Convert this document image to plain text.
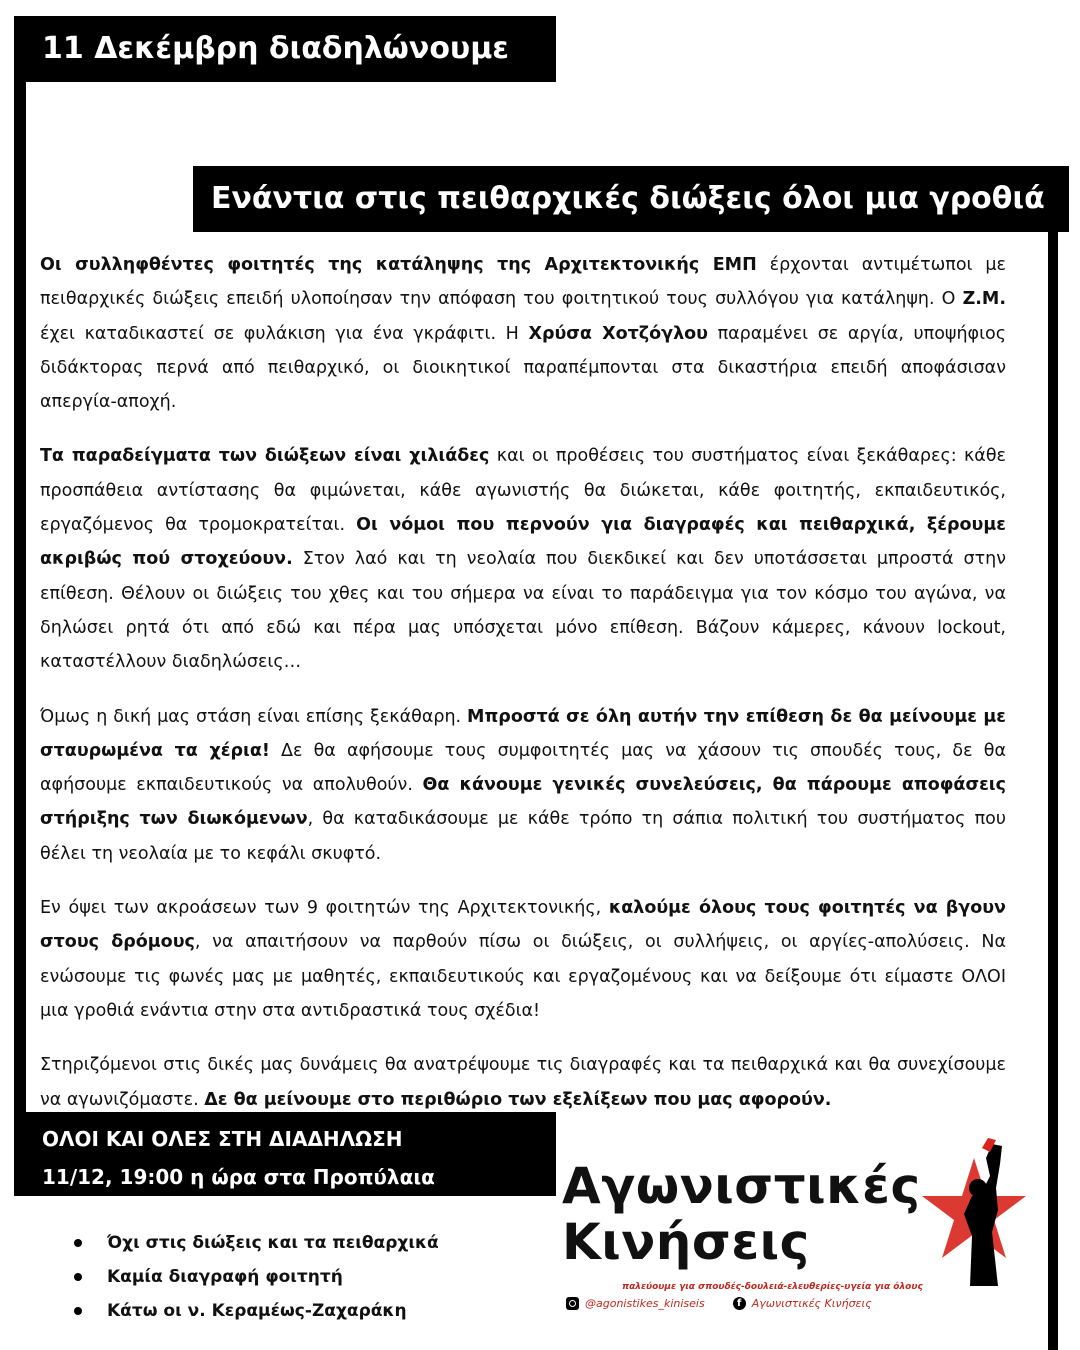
11 Δεκέμβρη διαδηλώνουμε
Ενάντια στις πειθαρχικές διώξεις όλοι μια γροθιά

Οι συλληφθέντες φοιτητές της κατάληψης της Αρχιτεκτονικής ΕΜΠ έρχονται αντιμέτωποι με πειθαρχικές διώξεις επειδή υλοποίησαν την απόφαση του φοιτητικού τους συλλόγου για κατάληψη. Ο Ζ.Μ. έχει καταδικαστεί σε φυλάκιση για ένα γκράφιτι. Η Χρύσα Χοτζόγλου παραμένει σε αργία, υποψήφιος διδάκτορας περνά από πειθαρχικό, οι διοικητικοί παραπέμπονται στα δικαστήρια επειδή αποφάσισαν απεργία-αποχή.

Τα παραδείγματα των διώξεων είναι χιλιάδες και οι προθέσεις του συστήματος είναι ξεκάθαρες: κάθε προσπάθεια αντίστασης θα φιμώνεται, κάθε αγωνιστής θα διώκεται, κάθε φοιτητής, εκπαιδευτικός, εργαζόμενος θα τρομοκρατείται. Οι νόμοι που περνούν για διαγραφές και πειθαρχικά, ξέρουμε ακριβώς πού στοχεύουν. Στον λαό και τη νεολαία που διεκδικεί και δεν υποτάσσεται μπροστά στην επίθεση. Θέλουν οι διώξεις του χθες και του σήμερα να είναι το παράδειγμα για τον κόσμο του αγώνα, να δηλώσει ρητά ότι από εδώ και πέρα μας υπόσχεται μόνο επίθεση. Βάζουν κάμερες, κάνουν lockout, καταστέλλουν διαδηλώσεις…

Όμως η δική μας στάση είναι επίσης ξεκάθαρη. Μπροστά σε όλη αυτήν την επίθεση δε θα μείνουμε με σταυρωμένα τα χέρια! Δε θα αφήσουμε τους συμφοιτητές μας να χάσουν τις σπουδές τους, δε θα αφήσουμε εκπαιδευτικούς να απολυθούν. Θα κάνουμε γενικές συνελεύσεις, θα πάρουμε αποφάσεις στήριξης των διωκόμενων, θα καταδικάσουμε με κάθε τρόπο τη σάπια πολιτική του συστήματος που θέλει τη νεολαία με το κεφάλι σκυφτό.

Εν όψει των ακροάσεων των 9 φοιτητών της Αρχιτεκτονικής, καλούμε όλους τους φοιτητές να βγουν στους δρόμους, να απαιτήσουν να παρθούν πίσω οι διώξεις, οι συλλήψεις, οι αργίες-απολύσεις. Να ενώσουμε τις φωνές μας με μαθητές, εκπαιδευτικούς και εργαζομένους και να δείξουμε ότι είμαστε ΟΛΟΙ μια γροθιά ενάντια στην στα αντιδραστικά τους σχέδια!

Στηριζόμενοι στις δικές μας δυνάμεις θα ανατρέψουμε τις διαγραφές και τα πειθαρχικά και θα συνεχίσουμε να αγωνιζόμαστε. Δε θα μείνουμε στο περιθώριο των εξελίξεων που μας αφορούν.

ΟΛΟΙ ΚΑΙ ΟΛΕΣ ΣΤΗ ΔΙΑΔΗΛΩΣΗ
11/12, 19:00 η ώρα στα Προπύλαια
Όχι στις διώξεις και τα πειθαρχικά
Καμία διαγραφή φοιτητή
Κάτω οι ν. Κεραμέως-Ζαχαράκη
Αγωνιστικές
Κινήσεις
παλεύουμε για σπουδές-δουλειά-ελευθερίες-υγεία για όλους
@agonistikes_kiniseis	f Αγωνιστικές Κινήσεις
